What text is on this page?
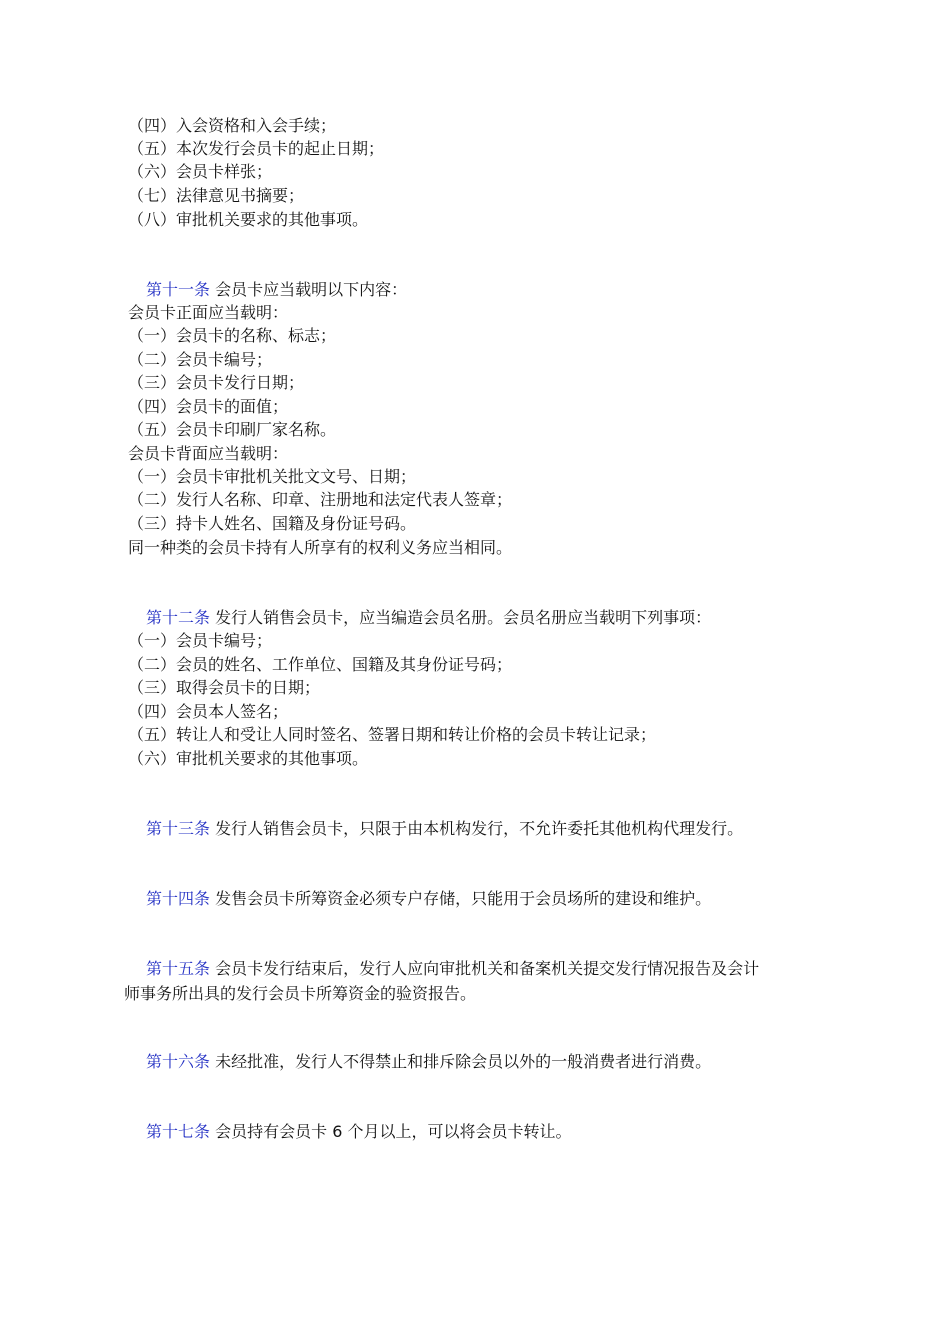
（四）入会资格和入会手续；
（五）本次发行会员卡的起止日期；
（六）会员卡样张；
（七）法律意见书摘要；
（八）审批机关要求的其他事项。
第十一条 会员卡应当载明以下内容：
会员卡正面应当载明：
（一）会员卡的名称、标志；
（二）会员卡编号；
（三）会员卡发行日期；
（四）会员卡的面值；
（五）会员卡印刷厂家名称。
会员卡背面应当载明：
（一）会员卡审批机关批文文号、日期；
（二）发行人名称、印章、注册地和法定代表人签章；
（三）持卡人姓名、国籍及身份证号码。
同一种类的会员卡持有人所享有的权利义务应当相同。
第十二条 发行人销售会员卡，应当编造会员名册。会员名册应当载明下列事项：
（一）会员卡编号；
（二）会员的姓名、工作单位、国籍及其身份证号码；
（三）取得会员卡的日期；
（四）会员本人签名；
（五）转让人和受让人同时签名、签署日期和转让价格的会员卡转让记录；
（六）审批机关要求的其他事项。
第十三条 发行人销售会员卡，只限于由本机构发行，不允许委托其他机构代理发行。
第十四条 发售会员卡所筹资金必须专户存储，只能用于会员场所的建设和维护。
第十五条 会员卡发行结束后，发行人应向审批机关和备案机关提交发行情况报告及会计
师事务所出具的发行会员卡所筹资金的验资报告。
第十六条 未经批准，发行人不得禁止和排斥除会员以外的一般消费者进行消费。
第十七条 会员持有会员卡 6 个月以上，可以将会员卡转让。
